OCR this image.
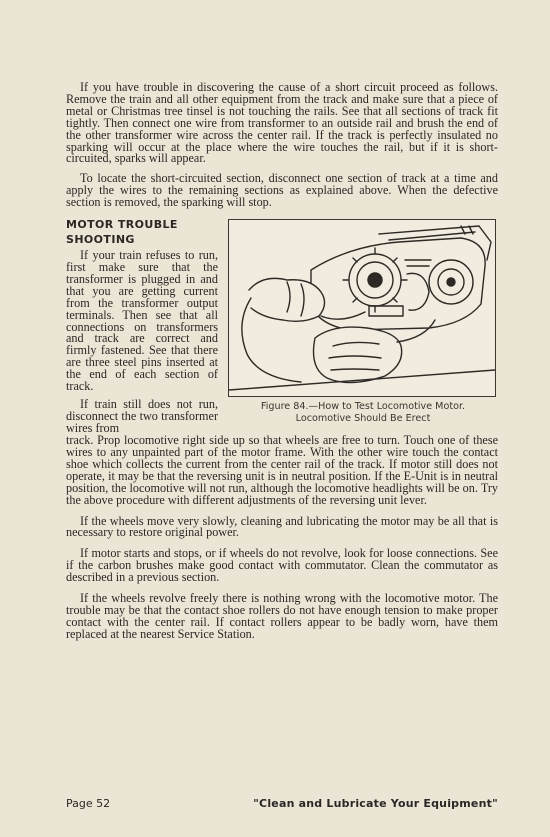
If you have trouble in discovering the cause of a short circuit proceed as follows. Remove the train and all other equipment from the track and make sure that a piece of metal or Christmas tree tinsel is not touching the rails. See that all sections of track fit tightly. Then connect one wire from transformer to an outside rail and brush the end of the other transformer wire across the center rail. If the track is perfectly insulated no sparking will occur at the place where the wire touches the rail, but if it is short-circuited, sparks will appear.

To locate the short-circuited section, disconnect one section of track at a time and apply the wires to the remaining sections as explained above. When the defective section is removed, the sparking will stop.

MOTOR TROUBLE SHOOTING

If your train refuses to run, first make sure that the transformer is plugged in and that you are getting current from the transformer output terminals. Then see that all connections on transformers and track are correct and firmly fastened. See that there are three steel pins inserted at the end of each section of track.

If train still does not run, disconnect the two transformer wires from

Figure 84.—How to Test Locomotive Motor.
Locomotive Should Be Erect

track. Prop locomotive right side up so that wheels are free to turn. Touch one of these wires to any unpainted part of the motor frame. With the other wire touch the contact shoe which collects the current from the center rail of the track. If motor still does not operate, it may be that the reversing unit is in neutral position. If the E-Unit is in neutral position, the locomotive will not run, although the locomotive headlights will be on. Try the above procedure with different adjustments of the reversing unit lever.

If the wheels move very slowly, cleaning and lubricating the motor may be all that is necessary to restore original power.

If motor starts and stops, or if wheels do not revolve, look for loose connections. See if the carbon brushes make good contact with commutator. Clean the commutator as described in a previous section.

If the wheels revolve freely there is nothing wrong with the locomotive motor. The trouble may be that the contact shoe rollers do not have enough tension to make proper contact with the center rail. If contact rollers appear to be badly worn, have them replaced at the nearest Service Station.

Page 52	"Clean and Lubricate Your Equipment"
